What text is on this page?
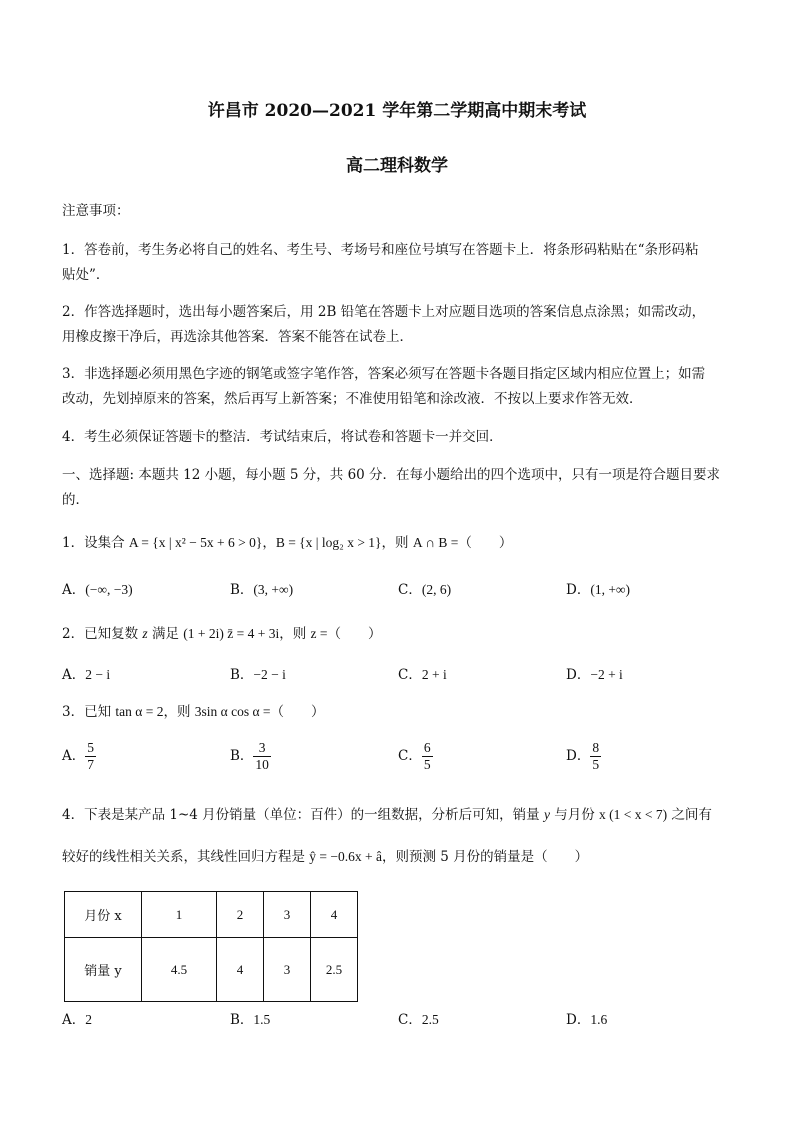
许昌市 2020—2021 学年第二学期高中期末考试
高二理科数学
注意事项：
1．答卷前，考生务必将自己的姓名、考生号、考场号和座位号填写在答题卡上．将条形码粘贴在“条形码粘
贴处”．
2．作答选择题时，选出每小题答案后，用 2B 铅笔在答题卡上对应题目选项的答案信息点涂黑；如需改动，
用橡皮擦干净后，再选涂其他答案．答案不能答在试卷上．
3．非选择题必须用黑色字迹的钢笔或签字笔作答，答案必须写在答题卡各题目指定区域内相应位置上；如需
改动，先划掉原来的答案，然后再写上新答案；不准使用铅笔和涂改液．不按以上要求作答无效．
4．考生必须保证答题卡的整洁．考试结束后，将试卷和答题卡一并交回．
一、选择题: 本题共 12 小题，每小题 5 分，共 60 分．在每小题给出的四个选项中，只有一项是符合题目要求
的．
1．设集合 A = {x | x² − 5x + 6 > 0}，B = {x | log₂ x > 1}，则 A ∩ B =（　　）
A．(−∞, −3)	B．(3, +∞)	C．(2, 6)	D．(1, +∞)
2．已知复数 z 满足 (1 + 2i) z̄ = 4 + 3i，则 z =（　　）
A．2 − i	B．−2 − i	C．2 + i	D．−2 + i
3．已知 tan α = 2，则 3sin α cos α =（　　）
A． $\frac{5}{7}$	B． $\frac{3}{10}$	C． $\frac{6}{5}$	D． $\frac{8}{5}$
4．下表是某产品 1~4 月份销量（单位：百件）的一组数据，分析后可知，销量 y 与月份 x (1 < x < 7) 之间有
较好的线性相关关系，其线性回归方程是 ŷ = −0.6x + â，则预测 5 月份的销量是（　　）
月份 x	1	2	3	4
销量 y	4.5	4	3	2.5
A．2	B．1.5	C．2.5	D．1.6
